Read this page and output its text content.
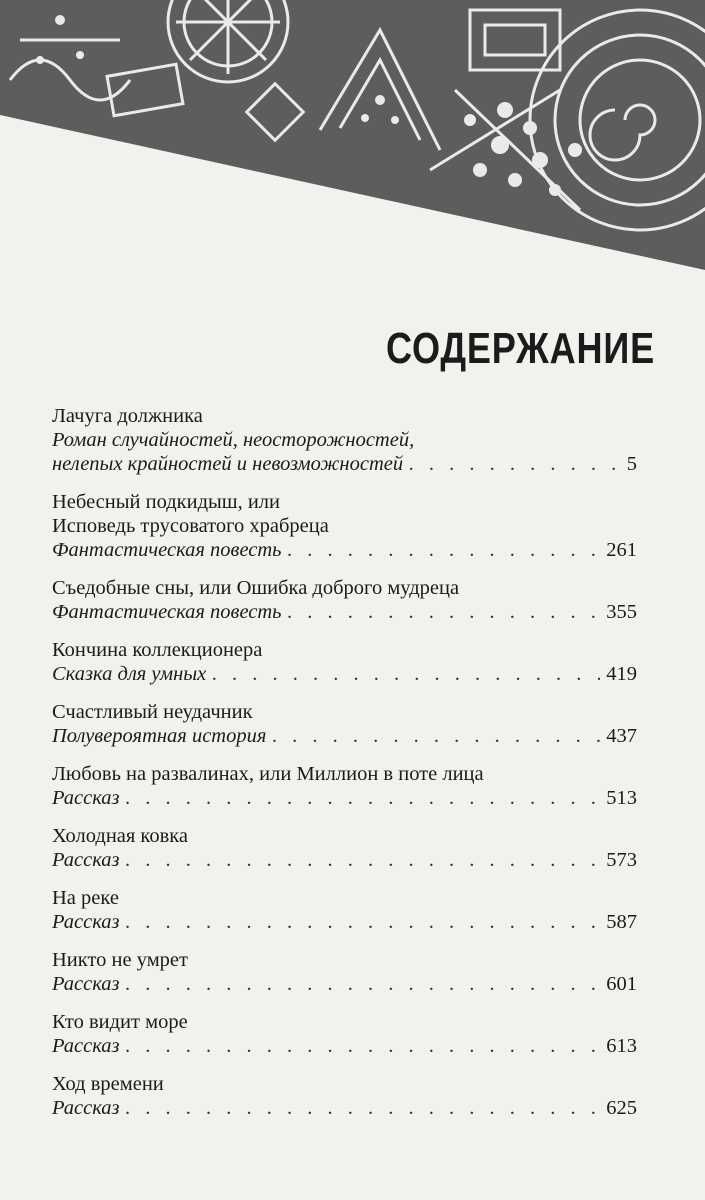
СОДЕРЖАНИЕ
Лачуга должника
Роман случайностей, неосторожностей,
нелепых крайностей и невозможностей . . .	5
Небесный подкидыш, или
Исповедь трусоватого храбреца
Фантастическая повесть . . .	261
Съедобные сны, или Ошибка доброго мудреца
Фантастическая повесть . . .	355
Кончина коллекционера
Сказка для умных . . .	419
Счастливый неудачник
Полувероятная история . . .	437
Любовь на развалинах, или Миллион в поте лица
Рассказ . . .	513
Холодная ковка
Рассказ . . .	573
На реке
Рассказ . . .	587
Никто не умрет
Рассказ . . .	601
Кто видит море
Рассказ . . .	613
Ход времени
Рассказ . . .	625
